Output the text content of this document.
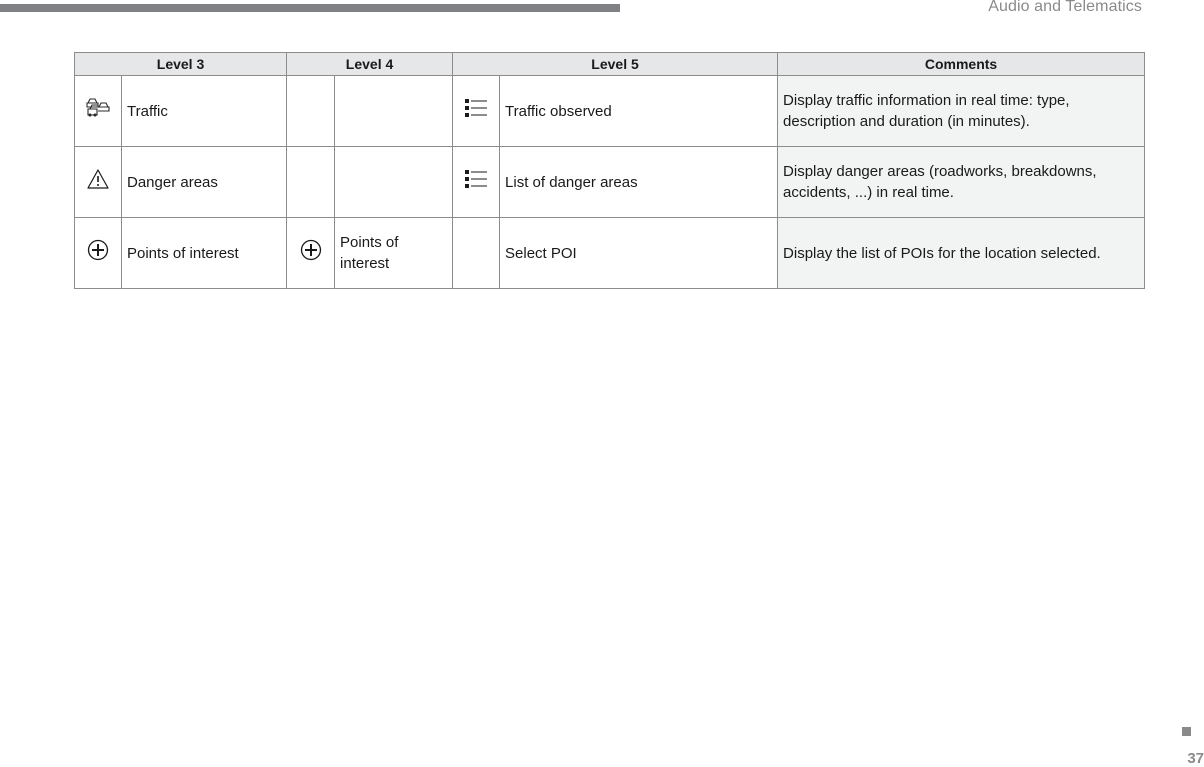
Audio and Telematics
Level 3		Level 4		Level 5		Comments
	Traffic				Traffic observed	Display traffic information in real time: type, description and duration (in minutes).
	Danger areas				List of danger areas	Display danger areas (roadworks, breakdowns, accidents, ...) in real time.
	Points of interest		Points of interest		Select POI	Display the list of POIs for the location selected.
37
